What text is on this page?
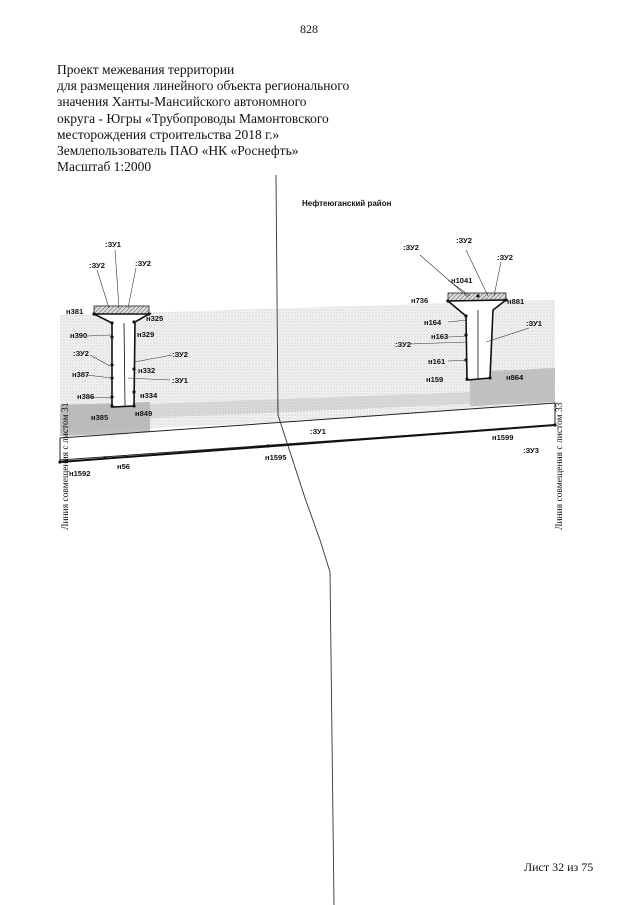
828
Проект межевания территории
для размещения линейного объекта регионального
значения Ханты-Мансийского автономного
округа - Югры «Трубопроводы Мамонтовского
месторождения строительства 2018 г.»
Землепользователь ПАО «НК «Роснефть»
Масштаб 1:2000
Нефтеюганский район
:ЗУ1
:ЗУ2	:ЗУ2
н381
н325
н390	н329
:ЗУ2	:ЗУ2
н387	н332
:ЗУ1
н386	н334
н385	н849
:ЗУ2
:ЗУ2
:ЗУ2
н1041
н736	н881
н164	:ЗУ1
н163
:ЗУ2
н161
н159	н864
:ЗУ1
н1599
:ЗУ3
н1592
н56
н1595
Линия совмещения с листом 31	Линия совмещения с листом 33
Лист 32 из 75
